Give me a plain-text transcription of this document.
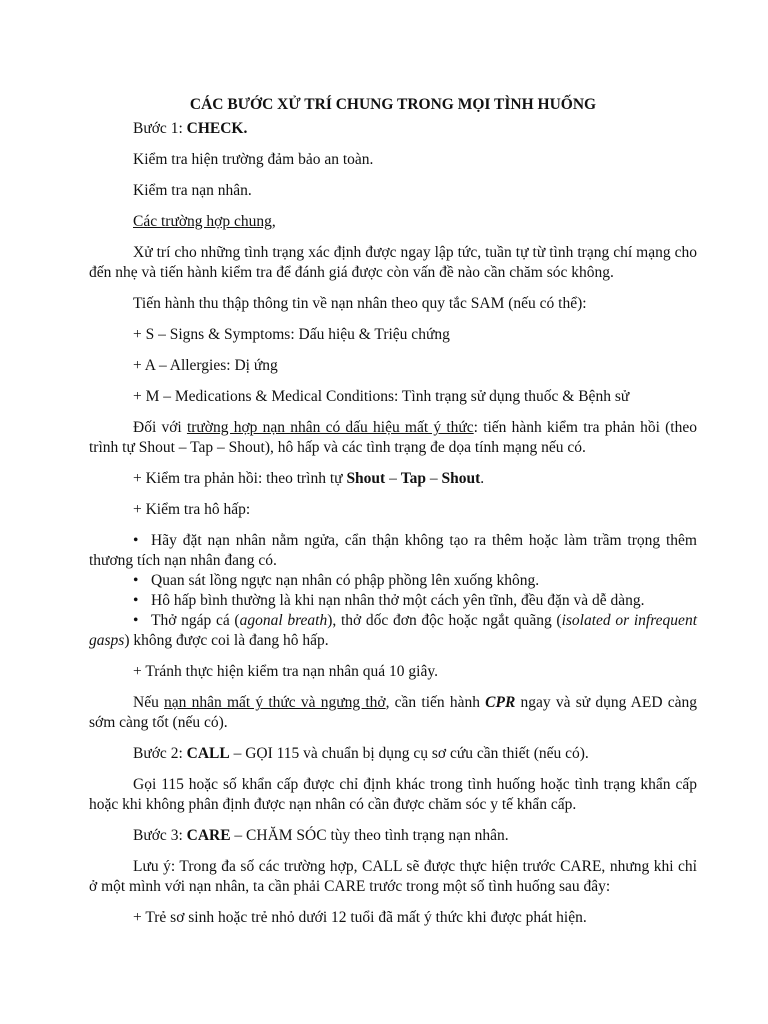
CÁC BƯỚC XỬ TRÍ CHUNG TRONG MỌI TÌNH HUỐNG

Bước 1: CHECK.

Kiểm tra hiện trường đảm bảo an toàn.

Kiểm tra nạn nhân.

Các trường hợp chung,

Xử trí cho những tình trạng xác định được ngay lập tức, tuần tự từ tình trạng chí mạng cho đến nhẹ và tiến hành kiểm tra để đánh giá được còn vấn đề nào cần chăm sóc không.

Tiến hành thu thập thông tin về nạn nhân theo quy tắc SAM (nếu có thể):

+ S – Signs & Symptoms: Dấu hiệu & Triệu chứng

+ A – Allergies: Dị ứng

+ M – Medications & Medical Conditions: Tình trạng sử dụng thuốc & Bệnh sử

Đối với trường hợp nạn nhân có dấu hiệu mất ý thức: tiến hành kiểm tra phản hồi (theo trình tự Shout – Tap – Shout), hô hấp và các tình trạng đe dọa tính mạng nếu có.

+ Kiểm tra phản hồi: theo trình tự Shout – Tap – Shout.

+ Kiểm tra hô hấp:

• Hãy đặt nạn nhân nằm ngửa, cẩn thận không tạo ra thêm hoặc làm trầm trọng thêm thương tích nạn nhân đang có.

• Quan sát lồng ngực nạn nhân có phập phồng lên xuống không.

• Hô hấp bình thường là khi nạn nhân thở một cách yên tĩnh, đều đặn và dễ dàng.

• Thở ngáp cá (agonal breath), thở dốc đơn độc hoặc ngắt quãng (isolated or infrequent gasps) không được coi là đang hô hấp.

+ Tránh thực hiện kiểm tra nạn nhân quá 10 giây.

Nếu nạn nhân mất ý thức và ngưng thở, cần tiến hành CPR ngay và sử dụng AED càng sớm càng tốt (nếu có).

Bước 2: CALL – GỌI 115 và chuẩn bị dụng cụ sơ cứu cần thiết (nếu có).

Gọi 115 hoặc số khẩn cấp được chỉ định khác trong tình huống hoặc tình trạng khẩn cấp hoặc khi không phân định được nạn nhân có cần được chăm sóc y tế khẩn cấp.

Bước 3: CARE – CHĂM SÓC tùy theo tình trạng nạn nhân.

Lưu ý: Trong đa số các trường hợp, CALL sẽ được thực hiện trước CARE, nhưng khi chỉ ở một mình với nạn nhân, ta cần phải CARE trước trong một số tình huống sau đây:

+ Trẻ sơ sinh hoặc trẻ nhỏ dưới 12 tuổi đã mất ý thức khi được phát hiện.
